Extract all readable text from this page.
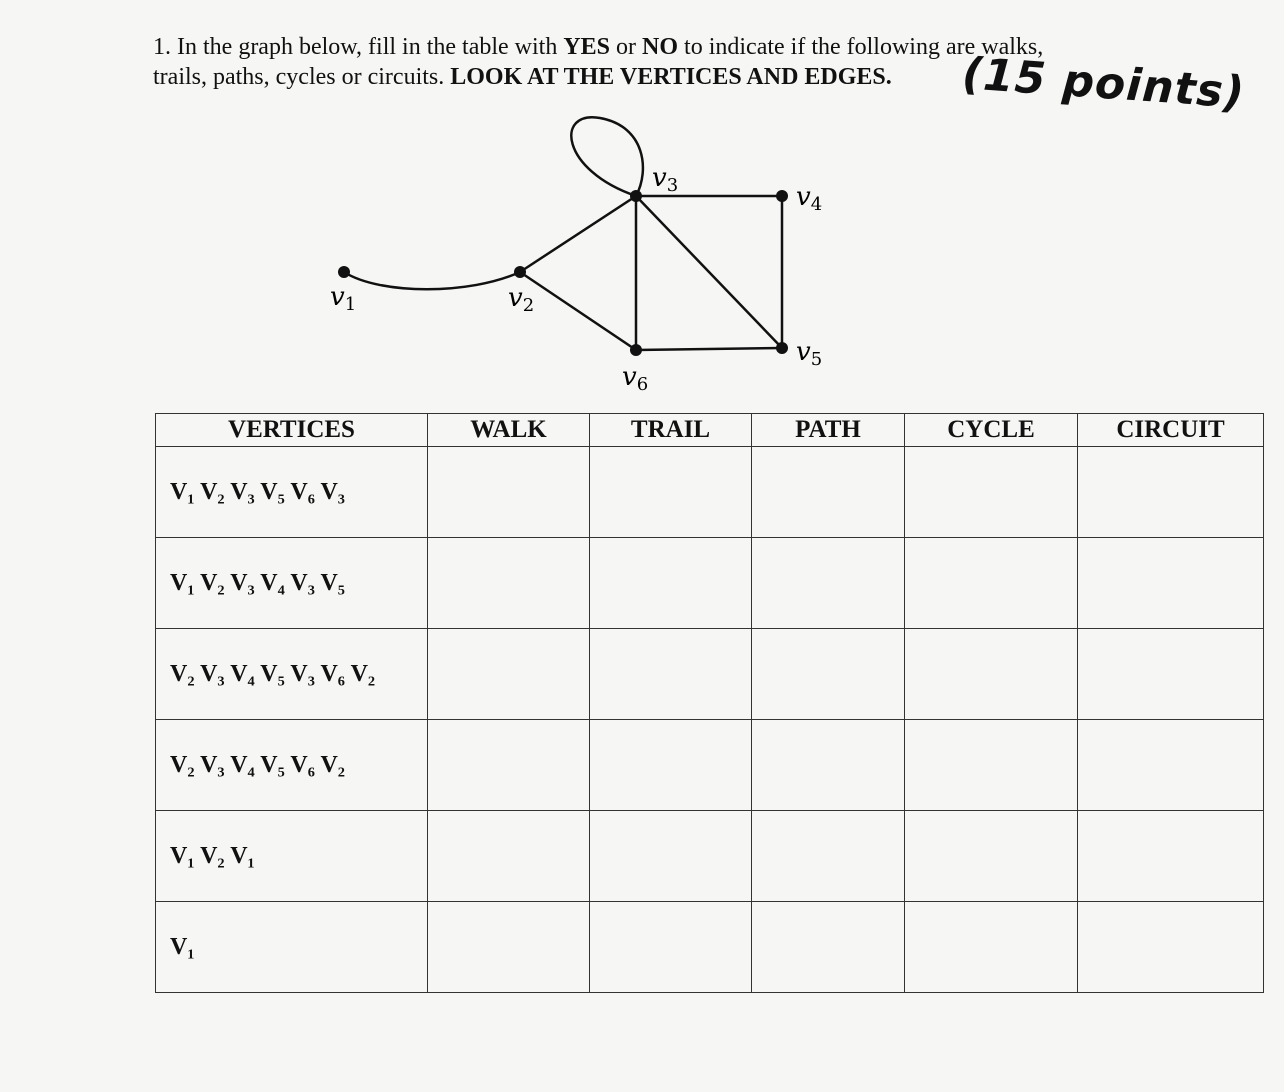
1. In the graph below, fill in the table with YES or NO to indicate if the following are walks,
trails, paths, cycles or circuits. LOOK AT THE VERTICES AND EDGES.	(15 points)
v1	v2
v3	v4
v5
v6
VERTICES	WALK	TRAIL	PATH	CYCLE	CIRCUIT
V₁ V₂ V₃ V₅ V₆ V₃					
V₁ V₂ V₃ V₄ V₃ V₅					
V₂ V₃ V₄ V₅ V₃ V₆ V₂					
V₂ V₃ V₄ V₅ V₆ V₂					
V₁ V₂ V₁					
V₁					
